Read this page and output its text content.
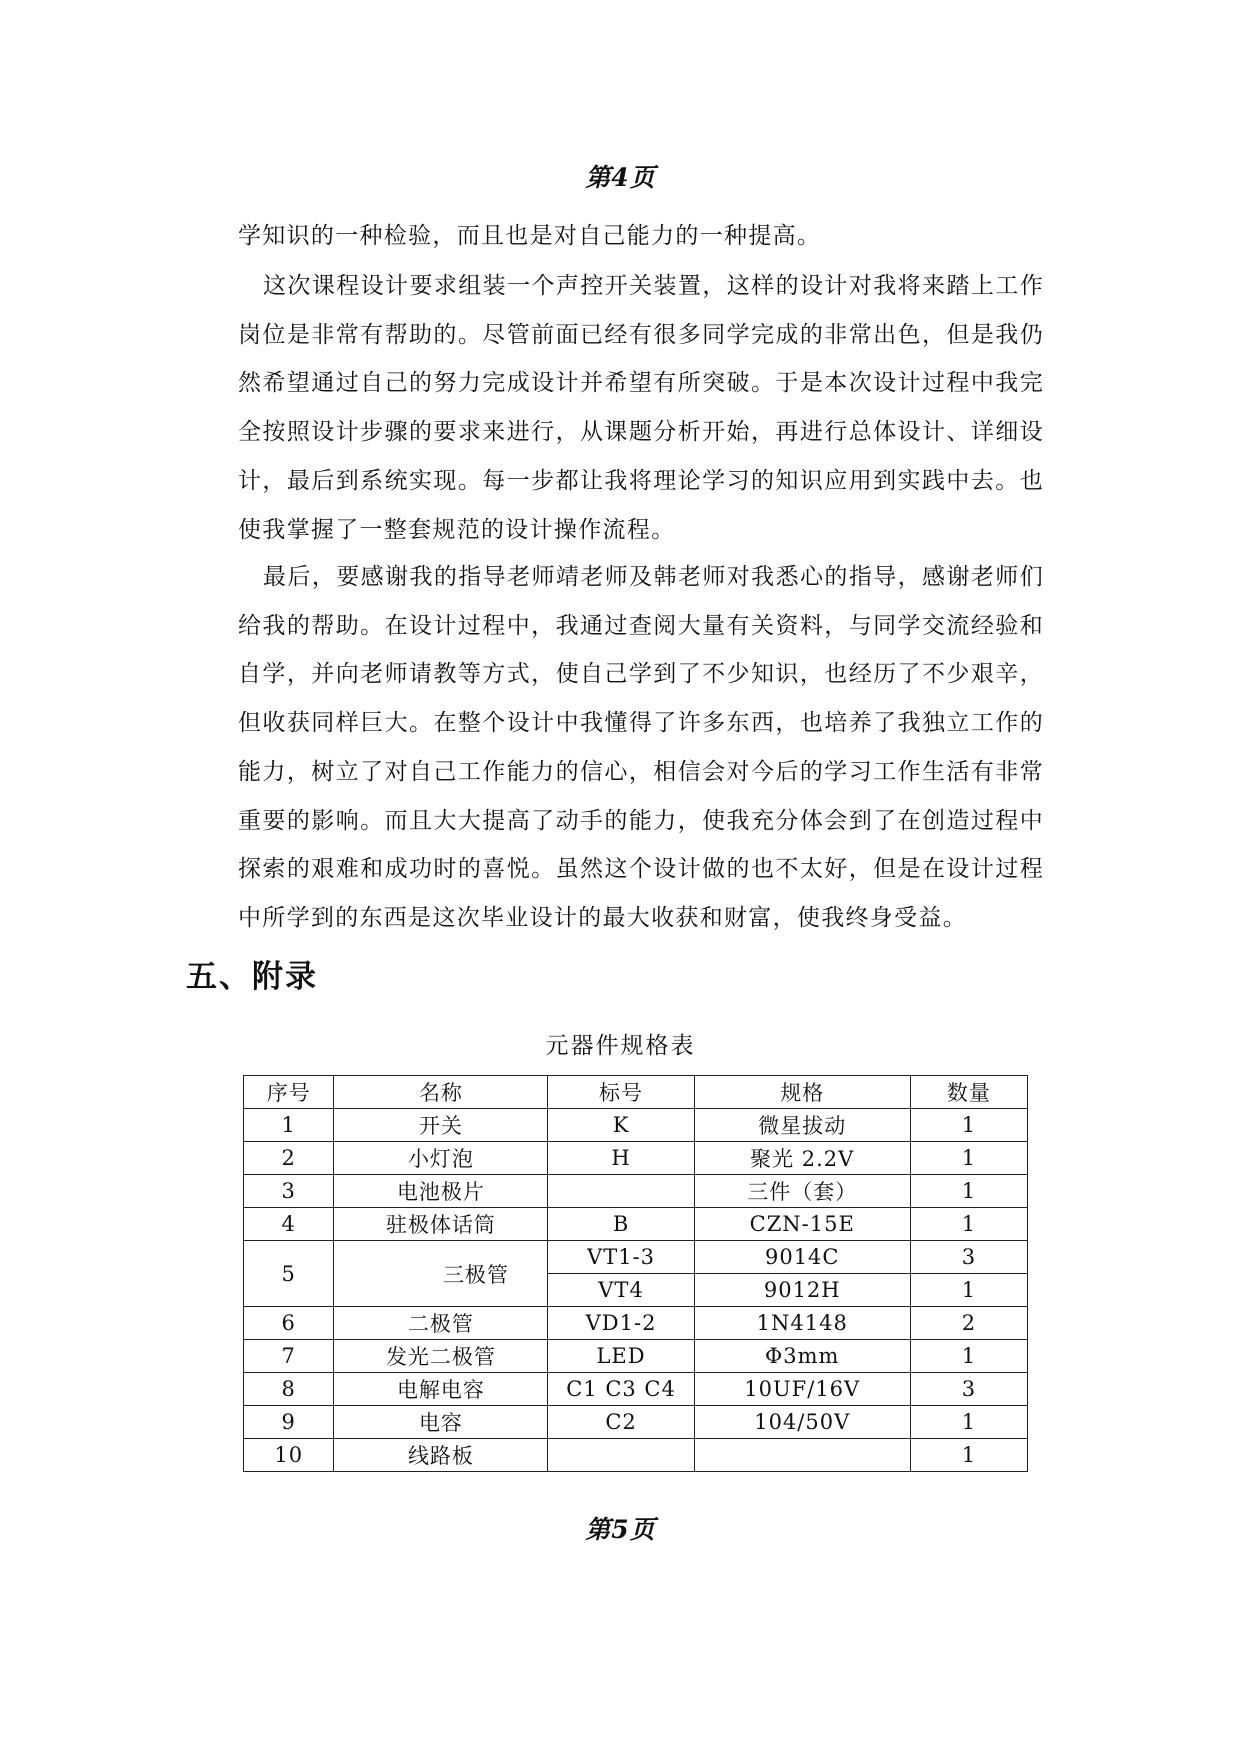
第4页

学知识的一种检验，而且也是对自己能力的一种提高。

这次课程设计要求组装一个声控开关装置，这样的设计对我将来踏上工作岗位是非常有帮助的。尽管前面已经有很多同学完成的非常出色，但是我仍然希望通过自己的努力完成设计并希望有所突破。于是本次设计过程中我完全按照设计步骤的要求来进行，从课题分析开始，再进行总体设计、详细设计，最后到系统实现。每一步都让我将理论学习的知识应用到实践中去。也使我掌握了一整套规范的设计操作流程。

最后，要感谢我的指导老师靖老师及韩老师对我悉心的指导，感谢老师们给我的帮助。在设计过程中，我通过查阅大量有关资料，与同学交流经验和自学，并向老师请教等方式，使自己学到了不少知识，也经历了不少艰辛，但收获同样巨大。在整个设计中我懂得了许多东西，也培养了我独立工作的能力，树立了对自己工作能力的信心，相信会对今后的学习工作生活有非常重要的影响。而且大大提高了动手的能力，使我充分体会到了在创造过程中探索的艰难和成功时的喜悦。虽然这个设计做的也不太好，但是在设计过程中所学到的东西是这次毕业设计的最大收获和财富，使我终身受益。

五、附录
元器件规格表
序号	名称	标号	规格	数量
1	开关	K	微星拔动	1
2	小灯泡	H	聚光 2.2V	1
3	电池极片		三件（套）	1
4	驻极体话筒	B	CZN-15E	1
5	三极管	VT1-3	9014C	3
		VT4	9012H	1
6	二极管	VD1-2	1N4148	2
7	发光二极管	LED	Φ3mm	1
8	电解电容	C1 C3 C4	10UF/16V	3
9	电容	C2	104/50V	1
10	线路板			1
第5页
